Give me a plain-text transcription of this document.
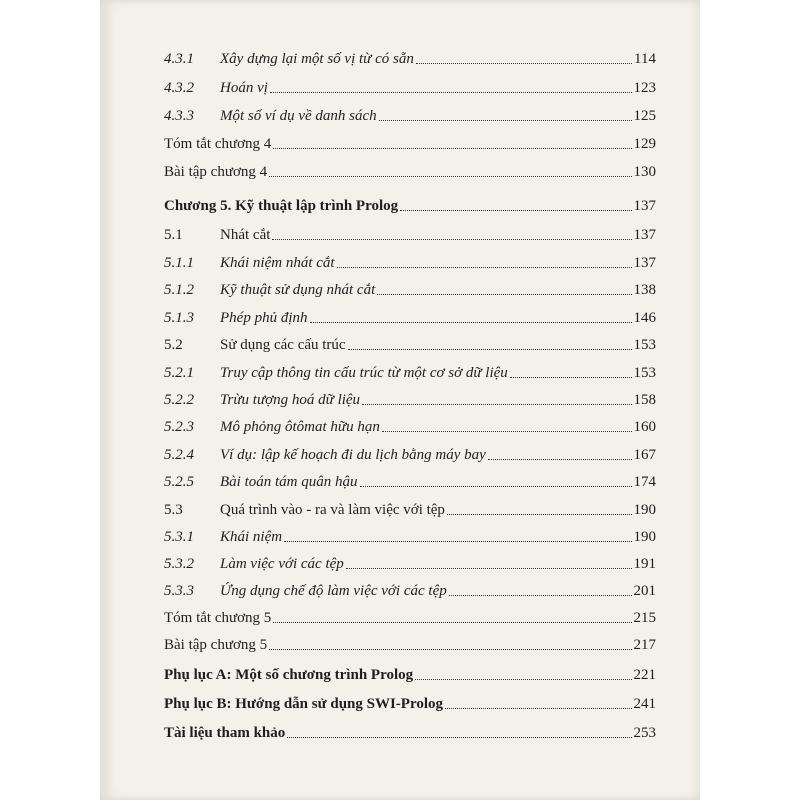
4.3.1	Xây dựng lại một số vị từ có sẵn	114
4.3.2	Hoán vị	123
4.3.3	Một số ví dụ về danh sách	125
Tóm tắt chương 4	129
Bài tập chương 4	130
Chương 5. Kỹ thuật lập trình Prolog	137
5.1	Nhát cắt	137
5.1.1	Khái niệm nhát cắt	137
5.1.2	Kỹ thuật sử dụng nhát cắt	138
5.1.3	Phép phủ định	146
5.2	Sử dụng các cấu trúc	153
5.2.1	Truy cập thông tin cấu trúc từ một cơ sở dữ liệu	153
5.2.2	Trừu tượng hoá dữ liệu	158
5.2.3	Mô phỏng ôtômat hữu hạn	160
5.2.4	Ví dụ: lập kế hoạch đi du lịch bằng máy bay	167
5.2.5	Bài toán tám quân hậu	174
5.3	Quá trình vào - ra và làm việc với tệp	190
5.3.1	Khái niệm	190
5.3.2	Làm việc với các tệp	191
5.3.3	Ứng dụng chế độ làm việc với các tệp	201
Tóm tắt chương 5	215
Bài tập chương 5	217
Phụ lục A: Một số chương trình Prolog	221
Phụ lục B: Hướng dẫn sử dụng SWI-Prolog	241
Tài liệu tham khảo	253
